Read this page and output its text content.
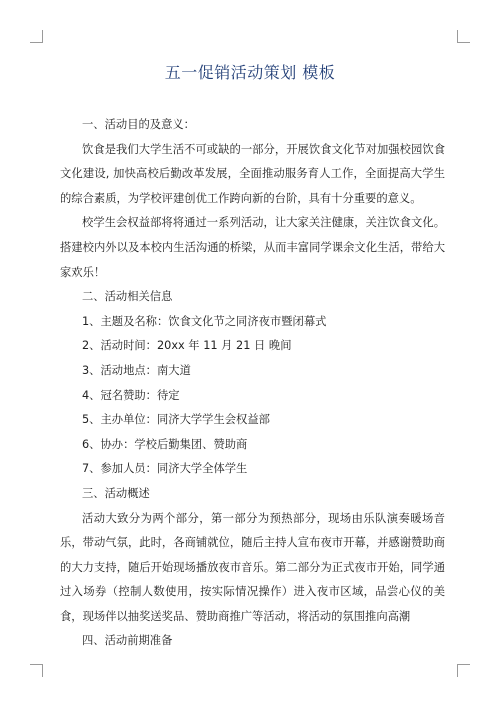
五一促销活动策划 模板

一、活动目的及意义：

饮食是我们大学生活不可或缺的一部分，开展饮食文化节对加强校园饮食文化建设, 加快高校后勤改革发展，全面推动服务育人工作，全面提高大学生的综合素质，为学校评建创优工作跨向新的台阶，具有十分重要的意义。

校学生会权益部将将通过一系列活动，让大家关注健康，关注饮食文化。搭建校内外以及本校内生活沟通的桥梁，从而丰富同学课余文化生活，带给大家欢乐！

二、活动相关信息

1、主题及名称：饮食文化节之同济夜市暨闭幕式

2、活动时间：20xx 年 11 月 21 日 晚间

3、活动地点：南大道

4、冠名赞助：待定

5、主办单位：同济大学学生会权益部

6、协办：学校后勤集团、赞助商

7、参加人员：同济大学全体学生

三、活动概述

活动大致分为两个部分，第一部分为预热部分，现场由乐队演奏暖场音乐，带动气氛，此时，各商铺就位，随后主持人宣布夜市开幕，并感谢赞助商的大力支持，随后开始现场播放夜市音乐。第二部分为正式夜市开始，同学通过入场券（控制人数使用，按实际情况操作）进入夜市区域，品尝心仪的美食，现场伴以抽奖送奖品、赞助商推广等活动，将活动的氛围推向高潮

四、活动前期准备
